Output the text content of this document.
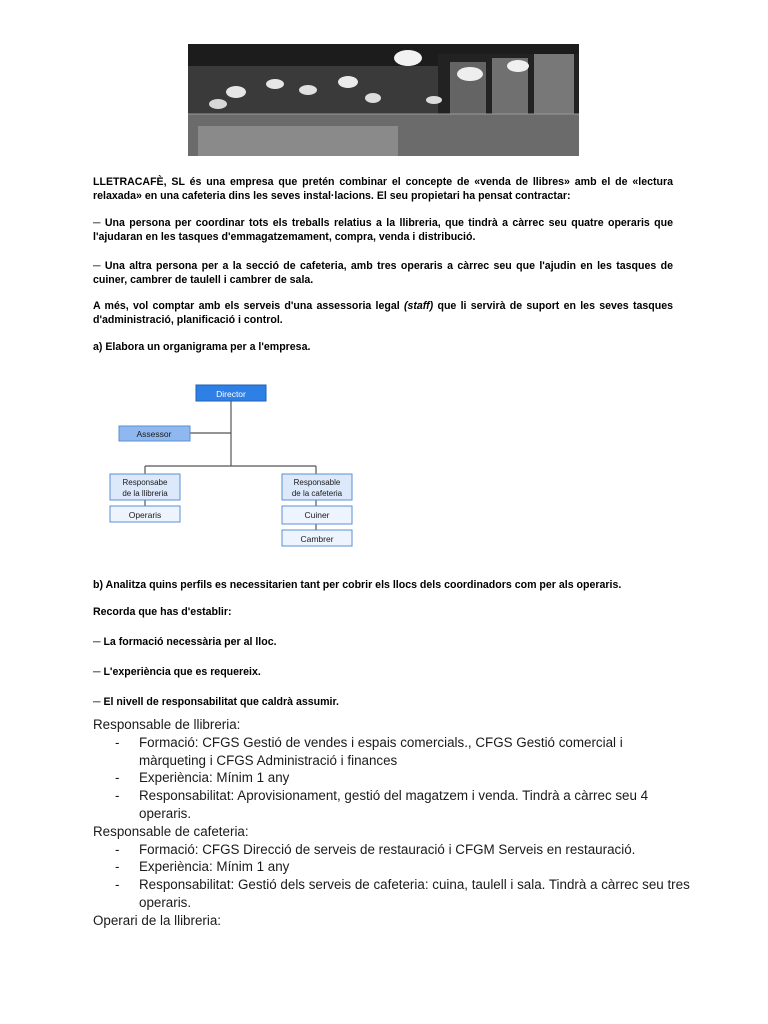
LLETRACAFÈ, SL és una empresa que pretén combinar el concepte de «venda de llibres» amb el de «lectura relaxada» en una cafeteria dins les seves instal·lacions. El seu propietari ha pensat contractar:

─ Una persona per coordinar tots els treballs relatius a la llibreria, que tindrà a càrrec seu quatre operaris que l'ajudaran en les tasques d'emmagatzemament, compra, venda i distribució.

─ Una altra persona per a la secció de cafeteria, amb tres operaris a càrrec seu que l'ajudin en les tasques de cuiner, cambrer de taulell i cambrer de sala.

A més, vol comptar amb els serveis d'una assessoria legal (staff) que li servirà de suport en les seves tasques d'administració, planificació i control.

a) Elabora un organigrama per a l'empresa.
Director
Assessor
Responsabe
de la llibreria
Responsable
de la cafeteria
Operaris	Cuiner
Cambrer
b) Analitza quins perfils es necessitarien tant per cobrir els llocs dels coordinadors com per als operaris.
Recorda que has d'establir:
─ La formació necessària per al lloc.
─ L'experiència que es requereix.
─ El nivell de responsabilitat que caldrà assumir.

Responsable de llibreria:

- Formació: CFGS Gestió de vendes i espais comercials., CFGS Gestió comercial i màrqueting i CFGS Administració i finances
- Experiència: Mínim 1 any
- Responsabilitat: Aprovisionament, gestió del magatzem i venda. Tindrà a càrrec seu 4 operaris.

Responsable de cafeteria:

- Formació: CFGS Direcció de serveis de restauració i CFGM Serveis en restauració.
- Experiència: Mínim 1 any
- Responsabilitat: Gestió dels serveis de cafeteria: cuina, taulell i sala. Tindrà a càrrec seu tres operaris.

Operari de la llibreria:
